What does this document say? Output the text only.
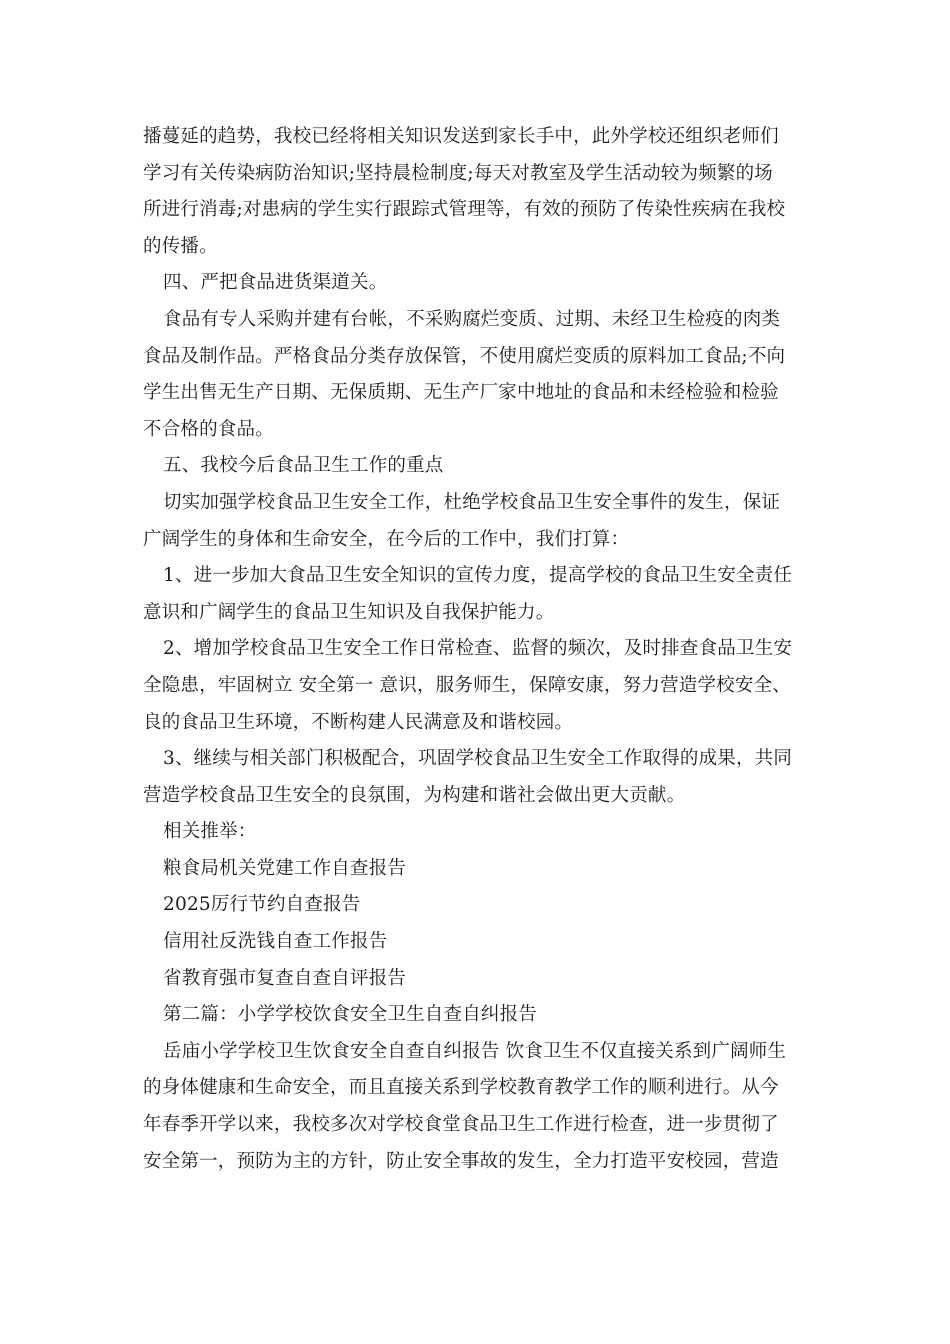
播蔓延的趋势，我校已经将相关知识发送到家长手中，此外学校还组织老师们

学习有关传染病防治知识;坚持晨检制度;每天对教室及学生活动较为频繁的场

所进行消毒;对患病的学生实行跟踪式管理等，有效的预防了传染性疾病在我校

的传播。

四、严把食品进货渠道关。

食品有专人采购并建有台帐，不采购腐烂变质、过期、未经卫生检疫的肉类

食品及制作品。严格食品分类存放保管，不使用腐烂变质的原料加工食品;不向

学生出售无生产日期、无保质期、无生产厂家中地址的食品和未经检验和检验

不合格的食品。

五、我校今后食品卫生工作的重点

切实加强学校食品卫生安全工作，杜绝学校食品卫生安全事件的发生，保证

广阔学生的身体和生命安全，在今后的工作中，我们打算：

1、进一步加大食品卫生安全知识的宣传力度，提高学校的食品卫生安全责任

意识和广阔学生的食品卫生知识及自我保护能力。

2、增加学校食品卫生安全工作日常检查、监督的频次，及时排查食品卫生安

全隐患，牢固树立 安全第一 意识，服务师生，保障安康，努力营造学校安全、

良的食品卫生环境，不断构建人民满意及和谐校园。

3、继续与相关部门积极配合，巩固学校食品卫生安全工作取得的成果，共同

营造学校食品卫生安全的良氛围，为构建和谐社会做出更大贡献。

相关推举：

粮食局机关党建工作自查报告

2025厉行节约自查报告

信用社反洗钱自查工作报告

省教育强市复查自查自评报告

第二篇：小学学校饮食安全卫生自查自纠报告

岳庙小学学校卫生饮食安全自查自纠报告 饮食卫生不仅直接关系到广阔师生

的身体健康和生命安全，而且直接关系到学校教育教学工作的顺利进行。从今

年春季开学以来，我校多次对学校食堂食品卫生工作进行检查，进一步贯彻了

安全第一，预防为主的方针，防止安全事故的发生，全力打造平安校园，营造
